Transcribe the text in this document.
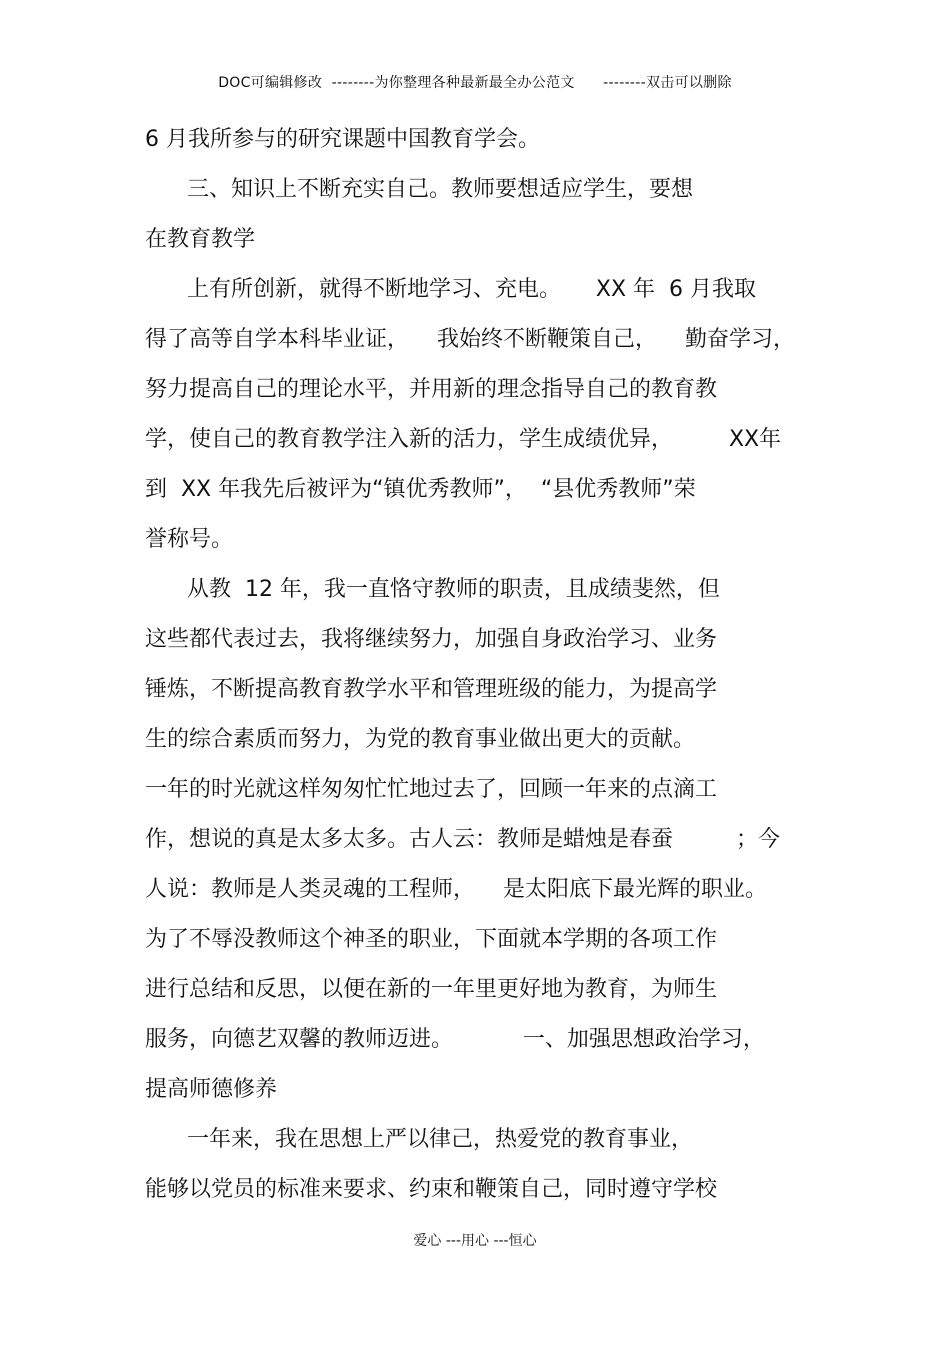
DOC可编辑修改  --------为你整理各种最新最全办公范文      --------双击可以删除
6 月我所参与的研究课题中国教育学会。
三、知识上不断充实自己。教师要想适应学生，要想
在教育教学
上有所创新，就得不断地学习、充电。     XX 年  6 月我取
得了高等自学本科毕业证，    我始终不断鞭策自己，    勤奋学习，
努力提高自己的理论水平，并用新的理念指导自己的教育教
学，使自己的教育教学注入新的活力，学生成绩优异，        XX年
到  XX 年我先后被评为“镇优秀教师”，  “县优秀教师”荣
誉称号。
从教  12 年，我一直恪守教师的职责，且成绩斐然，但
这些都代表过去，我将继续努力，加强自身政治学习、业务
锤炼，不断提高教育教学水平和管理班级的能力，为提高学
生的综合素质而努力，为党的教育事业做出更大的贡献。
一年的时光就这样匆匆忙忙地过去了，回顾一年来的点滴工
作，想说的真是太多太多。古人云：教师是蜡烛是春蚕         ；今
人说：教师是人类灵魂的工程师，    是太阳底下最光辉的职业。
为了不辱没教师这个神圣的职业，下面就本学期的各项工作
进行总结和反思，以便在新的一年里更好地为教育，为师生
服务，向德艺双馨的教师迈进。          一、加强思想政治学习，
提高师德修养
一年来，我在思想上严以律己，热爱党的教育事业，
能够以党员的标准来要求、约束和鞭策自己，同时遵守学校
爱心 ---用心 ---恒心
